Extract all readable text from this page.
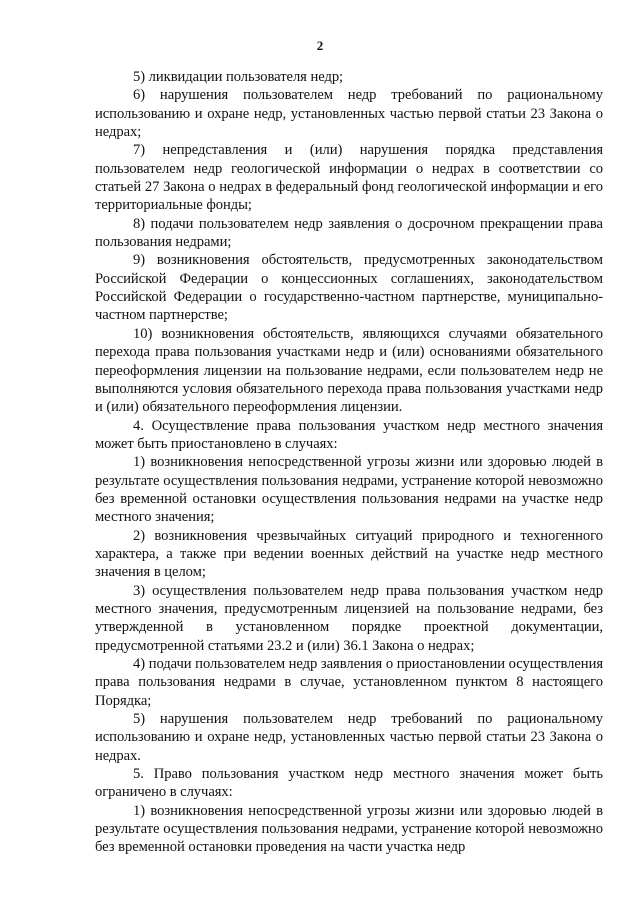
2

5) ликвидации пользователя недр;

6) нарушения пользователем недр требований по рациональному использованию и охране недр, установленных частью первой статьи 23 Закона о недрах;

7) непредставления и (или) нарушения порядка представления пользователем недр геологической информации о недрах в соответствии со статьей 27 Закона о недрах в федеральный фонд геологической информации и его территориальные фонды;

8) подачи пользователем недр заявления о досрочном прекращении права пользования недрами;

9) возникновения обстоятельств, предусмотренных законодательством Российской Федерации о концессионных соглашениях, законодательством Российской Федерации о государственно-частном партнерстве, муниципально-частном партнерстве;

10) возникновения обстоятельств, являющихся случаями обязательного перехода права пользования участками недр и (или) основаниями обязательного переоформления лицензии на пользование недрами, если пользователем недр не выполняются условия обязательного перехода права пользования участками недр и (или) обязательного переоформления лицензии.

4. Осуществление права пользования участком недр местного значения может быть приостановлено в случаях:

1) возникновения непосредственной угрозы жизни или здоровью людей в результате осуществления пользования недрами, устранение которой невозможно без временной остановки осуществления пользования недрами на участке недр местного значения;

2) возникновения чрезвычайных ситуаций природного и техногенного характера, а также при ведении военных действий на участке недр местного значения в целом;

3) осуществления пользователем недр права пользования участком недр местного значения, предусмотренным лицензией на пользование недрами, без утвержденной в установленном порядке проектной документации, предусмотренной статьями 23.2 и (или) 36.1 Закона о недрах;

4) подачи пользователем недр заявления о приостановлении осуществления права пользования недрами в случае, установленном пунктом 8 настоящего Порядка;

5) нарушения пользователем недр требований по рациональному использованию и охране недр, установленных частью первой статьи 23 Закона о недрах.

5. Право пользования участком недр местного значения может быть ограничено в случаях:

1) возникновения непосредственной угрозы жизни или здоровью людей в результате осуществления пользования недрами, устранение которой невозможно без временной остановки проведения на части участка недр
